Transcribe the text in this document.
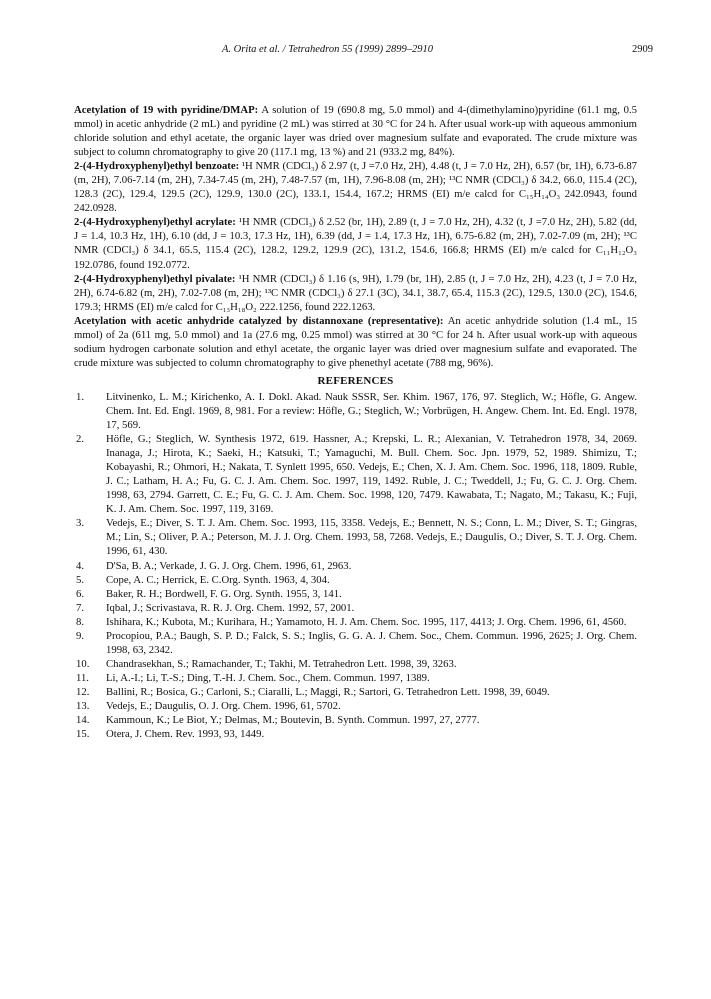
A. Orita et al. / Tetrahedron 55 (1999) 2899–2910	2909

Acetylation of 19 with pyridine/DMAP: A solution of 19 (690.8 mg, 5.0 mmol) and 4-(dimethylamino)pyridine (61.1 mg, 0.5 mmol) in acetic anhydride (2 mL) and pyridine (2 mL) was stirred at 30 °C for 24 h. After usual work-up with aqueous ammonium chloride solution and ethyl acetate, the organic layer was dried over magnesium sulfate and evaporated. The crude mixture was subject to column chromatography to give 20 (117.1 mg, 13 %) and 21 (933.2 mg, 84%).

2-(4-Hydroxyphenyl)ethyl benzoate: ¹H NMR (CDCl₃) δ 2.97 (t, J =7.0 Hz, 2H), 4.48 (t, J = 7.0 Hz, 2H), 6.57 (br, 1H), 6.73-6.87 (m, 2H), 7.06-7.14 (m, 2H), 7.34-7.45 (m, 2H), 7.48-7.57 (m, 1H), 7.96-8.08 (m, 2H); ¹³C NMR (CDCl₃) δ 34.2, 66.0, 115.4 (2C), 128.3 (2C), 129.4, 129.5 (2C), 129.9, 130.0 (2C), 133.1, 154.4, 167.2; HRMS (EI) m/e calcd for C₁₅H₁₄O₃ 242.0943, found 242.0928.

2-(4-Hydroxyphenyl)ethyl acrylate: ¹H NMR (CDCl₃) δ 2.52 (br, 1H), 2.89 (t, J = 7.0 Hz, 2H), 4.32 (t, J =7.0 Hz, 2H), 5.82 (dd, J = 1.4, 10.3 Hz, 1H), 6.10 (dd, J = 10.3, 17.3 Hz, 1H), 6.39 (dd, J = 1.4, 17.3 Hz, 1H), 6.75-6.82 (m, 2H), 7.02-7.09 (m, 2H); ¹³C NMR (CDCl₃) δ 34.1, 65.5, 115.4 (2C), 128.2, 129.2, 129.9 (2C), 131.2, 154.6, 166.8; HRMS (EI) m/e calcd for C₁₁H₁₂O₃ 192.0786, found 192.0772.

2-(4-Hydroxyphenyl)ethyl pivalate: ¹H NMR (CDCl₃) δ 1.16 (s, 9H), 1.79 (br, 1H), 2.85 (t, J = 7.0 Hz, 2H), 4.23 (t, J = 7.0 Hz, 2H), 6.74-6.82 (m, 2H), 7.02-7.08 (m, 2H); ¹³C NMR (CDCl₃) δ 27.1 (3C), 34.1, 38.7, 65.4, 115.3 (2C), 129.5, 130.0 (2C), 154.6, 179.3; HRMS (EI) m/e calcd for C₁₃H₁₈O₂ 222.1256, found 222.1263.

Acetylation with acetic anhydride catalyzed by distannoxane (representative): An acetic anhydride solution (1.4 mL, 15 mmol) of 2a (611 mg, 5.0 mmol) and 1a (27.6 mg, 0.25 mmol) was stirred at 30 °C for 24 h. After usual work-up with aqueous sodium hydrogen carbonate solution and ethyl acetate, the organic layer was dried over magnesium sulfate and evaporated. The crude mixture was subjected to column chromatography to give phenethyl acetate (788 mg, 96%).

REFERENCES
1.	Litvinenko, L. M.; Kirichenko, A. I. Dokl. Akad. Nauk SSSR, Ser. Khim. 1967, 176, 97. Steglich, W.; Höfle, G. Angew. Chem. Int. Ed. Engl. 1969, 8, 981. For a review: Höfle, G.; Steglich, W.; Vorbrügen, H. Angew. Chem. Int. Ed. Engl. 1978, 17, 569.
2.	Höfle, G.; Steglich, W. Synthesis 1972, 619. Hassner, A.; Krepski, L. R.; Alexanian, V. Tetrahedron 1978, 34, 2069. Inanaga, J.; Hirota, K.; Saeki, H.; Katsuki, T.; Yamaguchi, M. Bull. Chem. Soc. Jpn. 1979, 52, 1989. Shimizu, T.; Kobayashi, R.; Ohmori, H.; Nakata, T. Synlett 1995, 650. Vedejs, E.; Chen, X. J. Am. Chem. Soc. 1996, 118, 1809. Ruble, J. C.; Latham, H. A.; Fu, G. C. J. Am. Chem. Soc. 1997, 119, 1492. Ruble, J. C.; Tweddell, J.; Fu, G. C. J. Org. Chem. 1998, 63, 2794. Garrett, C. E.; Fu, G. C. J. Am. Chem. Soc. 1998, 120, 7479. Kawabata, T.; Nagato, M.; Takasu, K.; Fuji, K. J. Am. Chem. Soc. 1997, 119, 3169.
3.	Vedejs, E.; Diver, S. T. J. Am. Chem. Soc. 1993, 115, 3358. Vedejs, E.; Bennett, N. S.; Conn, L. M.; Diver, S. T.; Gingras, M.; Lin, S.; Oliver, P. A.; Peterson, M. J. J. Org. Chem. 1993, 58, 7268. Vedejs, E.; Daugulis, O.; Diver, S. T. J. Org. Chem. 1996, 61, 430.
4.	D'Sa, B. A.; Verkade, J. G. J. Org. Chem. 1996, 61, 2963.
5.	Cope, A. C.; Herrick, E. C.Org. Synth. 1963, 4, 304.
6.	Baker, R. H.; Bordwell, F. G. Org. Synth. 1955, 3, 141.
7.	Iqbal, J.; Scrivastava, R. R. J. Org. Chem. 1992, 57, 2001.
8.	Ishihara, K.; Kubota, M.; Kurihara, H.; Yamamoto, H. J. Am. Chem. Soc. 1995, 117, 4413; J. Org. Chem. 1996, 61, 4560.
9.	Procopiou, P.A.; Baugh, S. P. D.; Falck, S. S.; Inglis, G. G. A. J. Chem. Soc., Chem. Commun. 1996, 2625; J. Org. Chem. 1998, 63, 2342.
10.	Chandrasekhan, S.; Ramachander, T.; Takhi, M. Tetrahedron Lett. 1998, 39, 3263.
11.	Li, A.-I.; Li, T.-S.; Ding, T.-H. J. Chem. Soc., Chem. Commun. 1997, 1389.
12.	Ballini, R.; Bosica, G.; Carloni, S.; Ciaralli, L.; Maggi, R.; Sartori, G. Tetrahedron Lett. 1998, 39, 6049.
13.	Vedejs, E.; Daugulis, O. J. Org. Chem. 1996, 61, 5702.
14.	Kammoun, K.; Le Biot, Y.; Delmas, M.; Boutevin, B. Synth. Commun. 1997, 27, 2777.
15.	Otera, J. Chem. Rev. 1993, 93, 1449.
